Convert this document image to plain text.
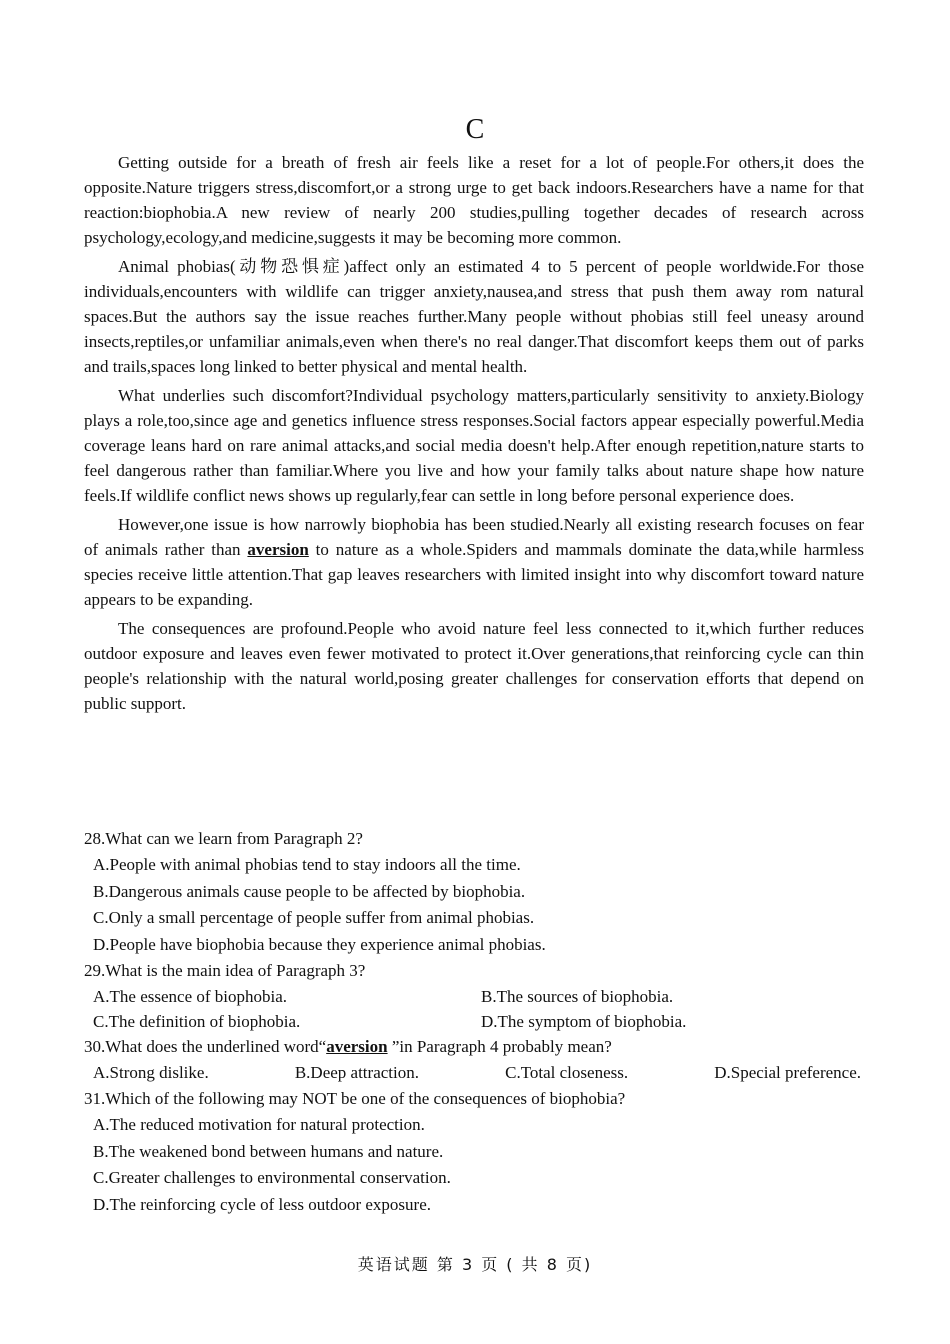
C

Getting outside for a breath of fresh air feels like a reset for a lot of people.For others,it does the opposite.Nature triggers stress,discomfort,or a strong urge to get back indoors.Researchers have a name for that reaction:biophobia.A new review of nearly 200 studies,pulling together decades of research across psychology,ecology,and medicine,suggests it may be becoming more common.

Animal phobias(动物恐惧症)affect only an estimated 4 to 5 percent of people worldwide.For those individuals,encounters with wildlife can trigger anxiety,nausea,and stress that push them away rom natural spaces.But the authors say the issue reaches further.Many people without phobias still feel uneasy around insects,reptiles,or unfamiliar animals,even when there's no real danger.That discomfort keeps them out of parks and trails,spaces long linked to better physical and mental health.

What underlies such discomfort?Individual psychology matters,particularly sensitivity to anxiety.Biology plays a role,too,since age and genetics influence stress responses.Social factors appear especially powerful.Media coverage leans hard on rare animal attacks,and social media doesn't help.After enough repetition,nature starts to feel dangerous rather than familiar.Where you live and how your family talks about nature shape how nature feels.If wildlife conflict news shows up regularly,fear can settle in long before personal experience does.

However,one issue is how narrowly biophobia has been studied.Nearly all existing research focuses on fear of animals rather than aversion to nature as a whole.Spiders and mammals dominate the data,while harmless species receive little attention.That gap leaves researchers with limited insight into why discomfort toward nature appears to be expanding.

The consequences are profound.People who avoid nature feel less connected to it,which further reduces outdoor exposure and leaves even fewer motivated to protect it.Over generations,that reinforcing cycle can thin people's relationship with the natural world,posing greater challenges for conservation efforts that depend on public support.

28.What can we learn from Paragraph 2?
A.People with animal phobias tend to stay indoors all the time.
B.Dangerous animals cause people to be affected by biophobia.
C.Only a small percentage of people suffer from animal phobias.
D.People have biophobia because they experience animal phobias.
29.What is the main idea of Paragraph 3?
A.The essence of biophobia.	B.The sources of biophobia.
C.The definition of biophobia.	D.The symptom of biophobia.
30.What does the underlined word“aversion ”in Paragraph 4 probably mean?
A.Strong dislike.	B.Deep attraction.	C.Total closeness.	D.Special preference.
31.Which of the following may NOT be one of the consequences of biophobia?
A.The reduced motivation for natural protection.
B.The weakened bond between humans and nature.
C.Greater challenges to environmental conservation.
D.The reinforcing cycle of less outdoor exposure.
英语试题 第 3 页 ( 共 8 页)
